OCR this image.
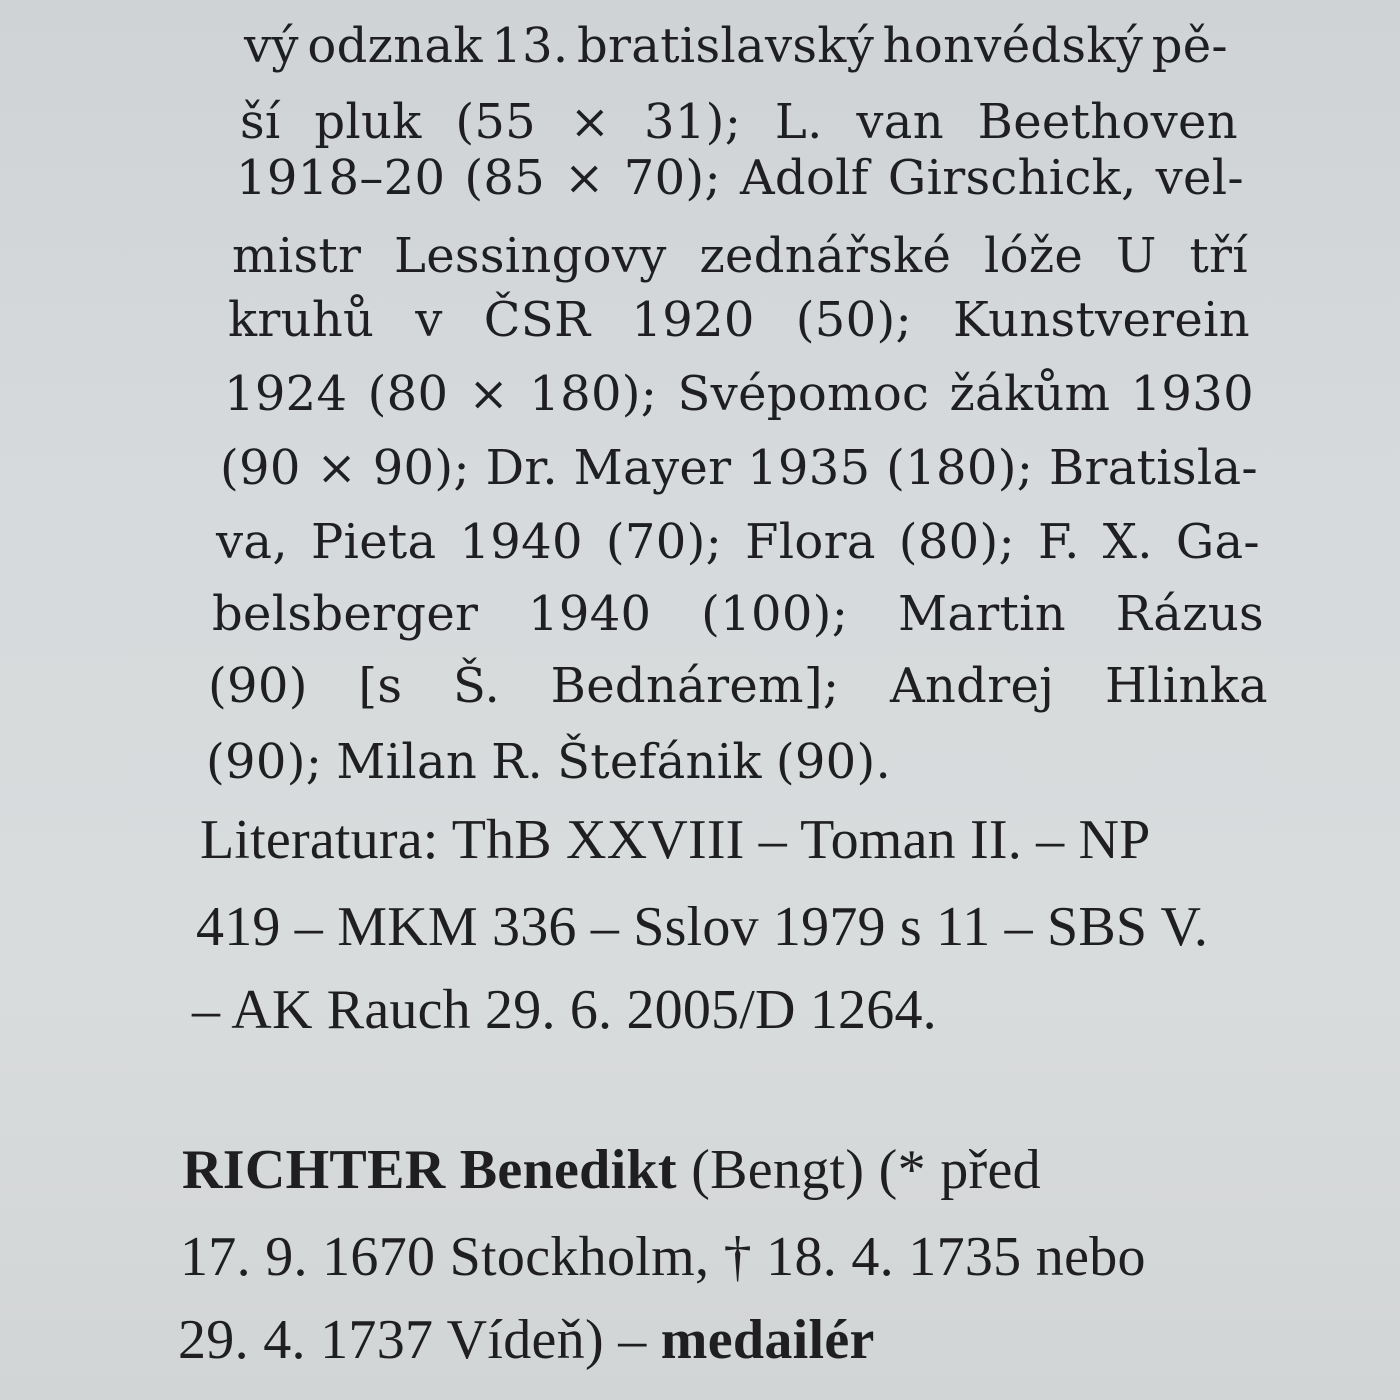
vý odznak 13. bratislavský honvédský pě-
ší pluk (55 × 31); L. van Beethoven
1918–20 (85 × 70); Adolf Girschick, vel-
mistr Lessingovy zednářské lóže U tří
kruhů v ČSR 1920 (50); Kunstverein
1924 (80 × 180); Svépomoc žákům 1930
(90 × 90); Dr. Mayer 1935 (180); Bratisla-
va, Pieta 1940 (70); Flora (80); F. X. Ga-
belsberger 1940 (100); Martin Rázus
(90) [s Š. Bednárem]; Andrej Hlinka
(90); Milan R. Štefánik (90).
Literatura: ThB XXVIII – Toman II. – NP
419 – MKM 336 – Sslov 1979 s 11 – SBS V.
– AK Rauch 29. 6. 2005/D 1264.
RICHTER Benedikt (Bengt) (* před
17. 9. 1670 Stockholm, † 18. 4. 1735 nebo
29. 4. 1737 Vídeň) – medailér
